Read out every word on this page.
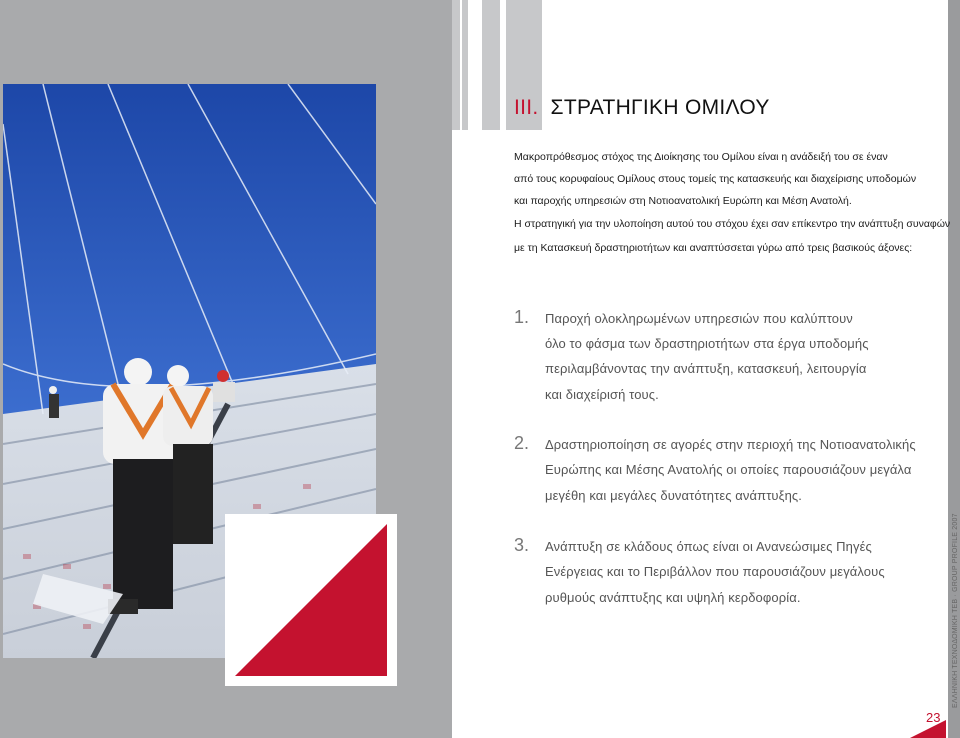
III. ΣΤΡΑΤΗΓΙΚΗ ΟΜΙΛΟΥ
Μακροπρόθεσμος στόχος της Διοίκησης του Ομίλου είναι η ανάδειξή του σε έναν
από τους κορυφαίους Ομίλους στους τομείς της κατασκευής και διαχείρισης υποδομών
και παροχής υπηρεσιών στη Νοτιοανατολική Ευρώπη και Μέση Ανατολή.
Η στρατηγική για την υλοποίηση αυτού του στόχου έχει σαν επίκεντρο την ανάπτυξη συναφών
με τη Κατασκευή δραστηριοτήτων και αναπτύσσεται γύρω από τρεις βασικούς άξονες:
1. Παροχή ολοκληρωμένων υπηρεσιών που καλύπτουν
όλο το φάσμα των δραστηριοτήτων στα έργα υποδομής
περιλαμβάνοντας την ανάπτυξη, κατασκευή, λειτουργία
και διαχείρισή τους.
2. Δραστηριοποίηση σε αγορές στην περιοχή της Νοτιοανατολικής
Ευρώπης και Μέσης Ανατολής οι οποίες παρουσιάζουν μεγάλα
μεγέθη και μεγάλες δυνατότητες ανάπτυξης.
3. Ανάπτυξη σε κλάδους όπως είναι οι Ανανεώσιμες Πηγές
Ενέργειας και το Περιβάλλον που παρουσιάζουν μεγάλους
ρυθμούς ανάπτυξης και υψηλή κερδοφορία.	ΕΛΛΗΝΙΚΗ ΤΕΧΝΟΔΟΜΙΚΗ ΤΕΒ · GROUP PROFILE 2007
23
